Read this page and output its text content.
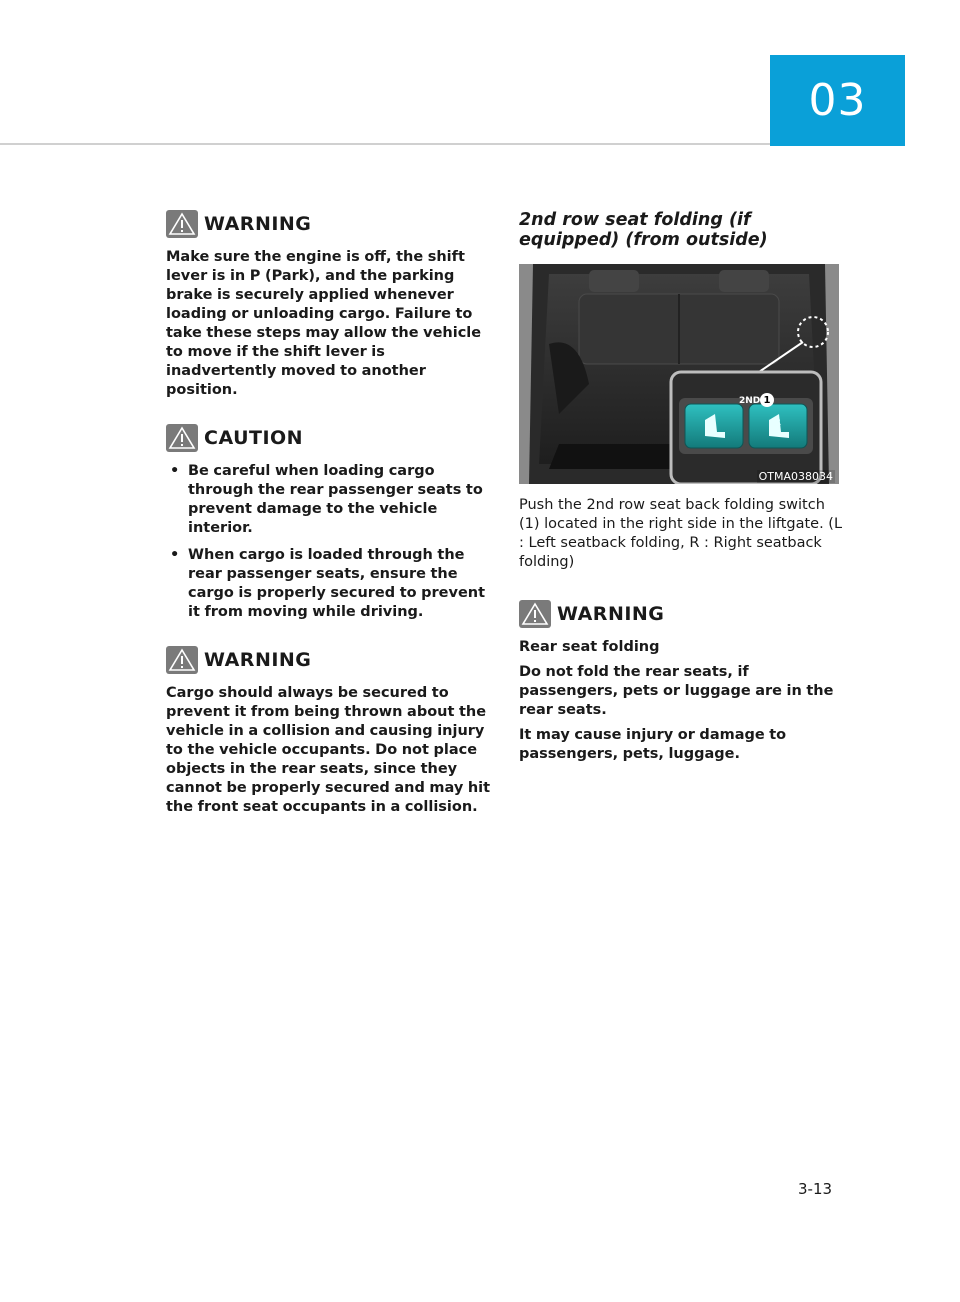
03
WARNING

Make sure the engine is off, the shift lever is in P (Park), and the parking brake is securely applied whenever loading or unloading cargo. Failure to take these steps may allow the vehicle to move if the shift lever is inadvertently moved to another position.

CAUTION
• Be careful when loading cargo through the rear passenger seats to prevent damage to the vehicle interior.
• When cargo is loaded through the rear passenger seats, ensure the cargo is properly secured to prevent it from moving while driving.
WARNING

Cargo should always be secured to prevent it from being thrown about the vehicle in a collision and causing injury to the vehicle occupants. Do not place objects in the rear seats, since they cannot be properly secured and may hit the front seat occupants in a collision.

2nd row seat folding (if equipped) (from outside)

2ND 1
L	R
OTMA038034

Push the 2nd row seat back folding switch (1) located in the right side in the liftgate. (L : Left seatback folding, R : Right seatback folding)

WARNING

Rear seat folding

Do not fold the rear seats, if passengers, pets or luggage are in the rear seats.

It may cause injury or damage to passengers, pets, luggage.

3-13
